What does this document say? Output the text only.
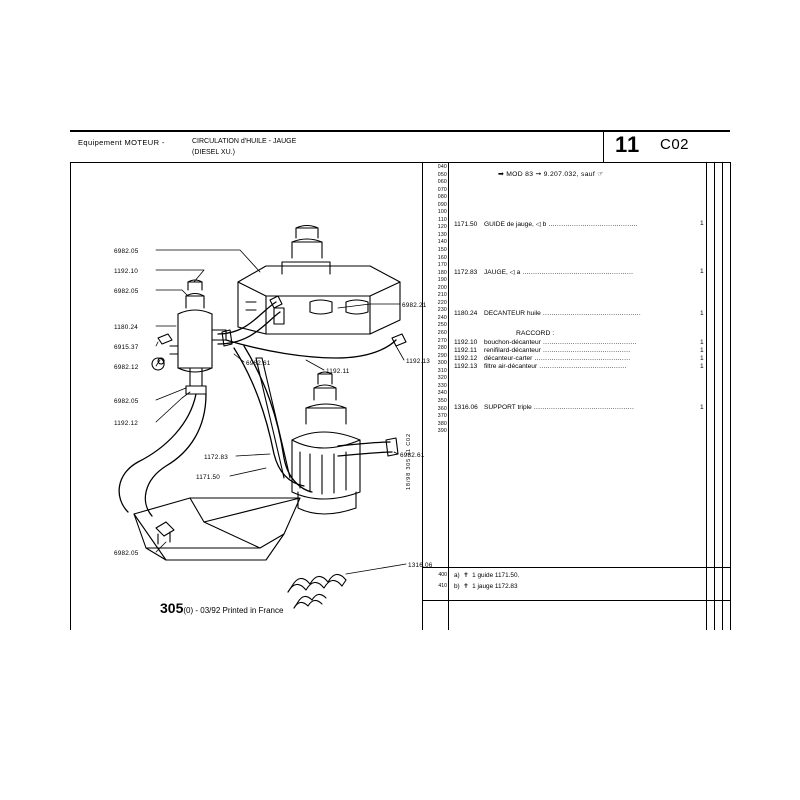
Equipement MOTEUR -	CIRCULATION d'HUILE - JAUGE
(DIESEL XU.)	11 C02
18/98 305 11 C02
040
050
060
070
080
090
100
110
120
130
140
150
160
170
180
190
200
210
220
230
240
250
260
270
280
290
300
310
320
330
340
350
360
370
380
390
400
410
➡ MOD 83 ➞ 9.207.032, sauf ☞
RACCORD :
1171.50 GUIDE de jauge, ◁ b ..........................................	1
1172.83 JAUGE, ◁ a ....................................................	1
1180.24 DECANTEUR huile ..............................................	1
1192.10 bouchon-décanteur ............................................	1
1192.11 renifilard-décanteur .........................................	1
1192.12 décanteur-carter .............................................	1
1192.13 filtre air-décanteur .........................................	1
1316.06 SUPPORT triple ...............................................	1
a)  ✝  1 guide 1171.50.
b)  ✝  1 jauge 1172.83
305(0) - 03/92 Printed in France
6982.05
1192.10
6982.05
1180.24
6915.37
6982.12
6982.05
1192.12
6982.61
1192.11
6982.21
1192.13
6982.61
1172.83
1171.50
6982.05
1316.06
